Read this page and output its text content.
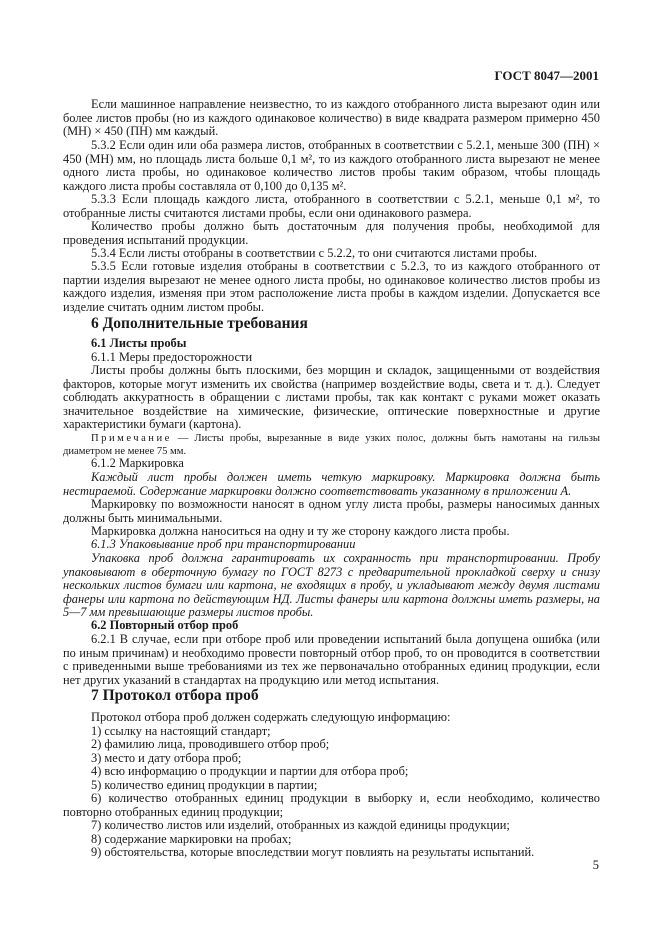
ГОСТ 8047—2001
Если машинное направление неизвестно, то из каждого отобранного листа вырезают один или более листов пробы (но из каждого одинаковое количество) в виде квадрата размером примерно 450 (МН) × 450 (ПН) мм каждый.
5.3.2 Если один или оба размера листов, отобранных в соответствии с 5.2.1, меньше 300 (ПН) × 450 (МН) мм, но площадь листа больше 0,1 м², то из каждого отобранного листа вырезают не менее одного листа пробы, но одинаковое количество листов пробы таким образом, чтобы площадь каждого листа пробы составляла от 0,100 до 0,135 м².
5.3.3 Если площадь каждого листа, отобранного в соответствии с 5.2.1, меньше 0,1 м², то отобранные листы считаются листами пробы, если они одинакового размера.
Количество пробы должно быть достаточным для получения пробы, необходимой для проведения испытаний продукции.
5.3.4 Если листы отобраны в соответствии с 5.2.2, то они считаются листами пробы.
5.3.5 Если готовые изделия отобраны в соответствии с 5.2.3, то из каждого отобранного от партии изделия вырезают не менее одного листа пробы, но одинаковое количество листов пробы из каждого изделия, изменяя при этом расположение листа пробы в каждом изделии. Допускается все изделие считать одним листом пробы.
6 Дополнительные требования
6.1 Листы пробы
6.1.1 Меры предосторожности
Листы пробы должны быть плоскими, без морщин и складок, защищенными от воздействия факторов, которые могут изменить их свойства (например воздействие воды, света и т. д.). Следует соблюдать аккуратность в обращении с листами пробы, так как контакт с руками может оказать значительное воздействие на химические, физические, оптические поверхностные и другие характеристики бумаги (картона).
Примечание — Листы пробы, вырезанные в виде узких полос, должны быть намотаны на гильзы диаметром не менее 75 мм.
6.1.2 Маркировка
Каждый лист пробы должен иметь четкую маркировку. Маркировка должна быть нестираемой. Содержание маркировки должно соответствовать указанному в приложении А.
Маркировку по возможности наносят в одном углу листа пробы, размеры наносимых данных должны быть минимальными.
Маркировка должна наноситься на одну и ту же сторону каждого листа пробы.
6.1.3 Упаковывание проб при транспортировании
Упаковка проб должна гарантировать их сохранность при транспортировании. Пробу упаковывают в оберточную бумагу по ГОСТ 8273 с предварительной прокладкой сверху и снизу нескольких листов бумаги или картона, не входящих в пробу, и укладывают между двумя листами фанеры или картона по действующим НД. Листы фанеры или картона должны иметь размеры, на 5—7 мм превышающие размеры листов пробы.
6.2 Повторный отбор проб
6.2.1 В случае, если при отборе проб или проведении испытаний была допущена ошибка (или по иным причинам) и необходимо провести повторный отбор проб, то он проводится в соответствии с приведенными выше требованиями из тех же первоначально отобранных единиц продукции, если нет других указаний в стандартах на продукцию или метод испытания.
7 Протокол отбора проб
Протокол отбора проб должен содержать следующую информацию:
1) ссылку на настоящий стандарт;
2) фамилию лица, проводившего отбор проб;
3) место и дату отбора проб;
4) всю информацию о продукции и партии для отбора проб;
5) количество единиц продукции в партии;
6) количество отобранных единиц продукции в выборку и, если необходимо, количество повторно отобранных единиц продукции;
7) количество листов или изделий, отобранных из каждой единицы продукции;
8) содержание маркировки на пробах;
9) обстоятельства, которые впоследствии могут повлиять на результаты испытаний.
5
